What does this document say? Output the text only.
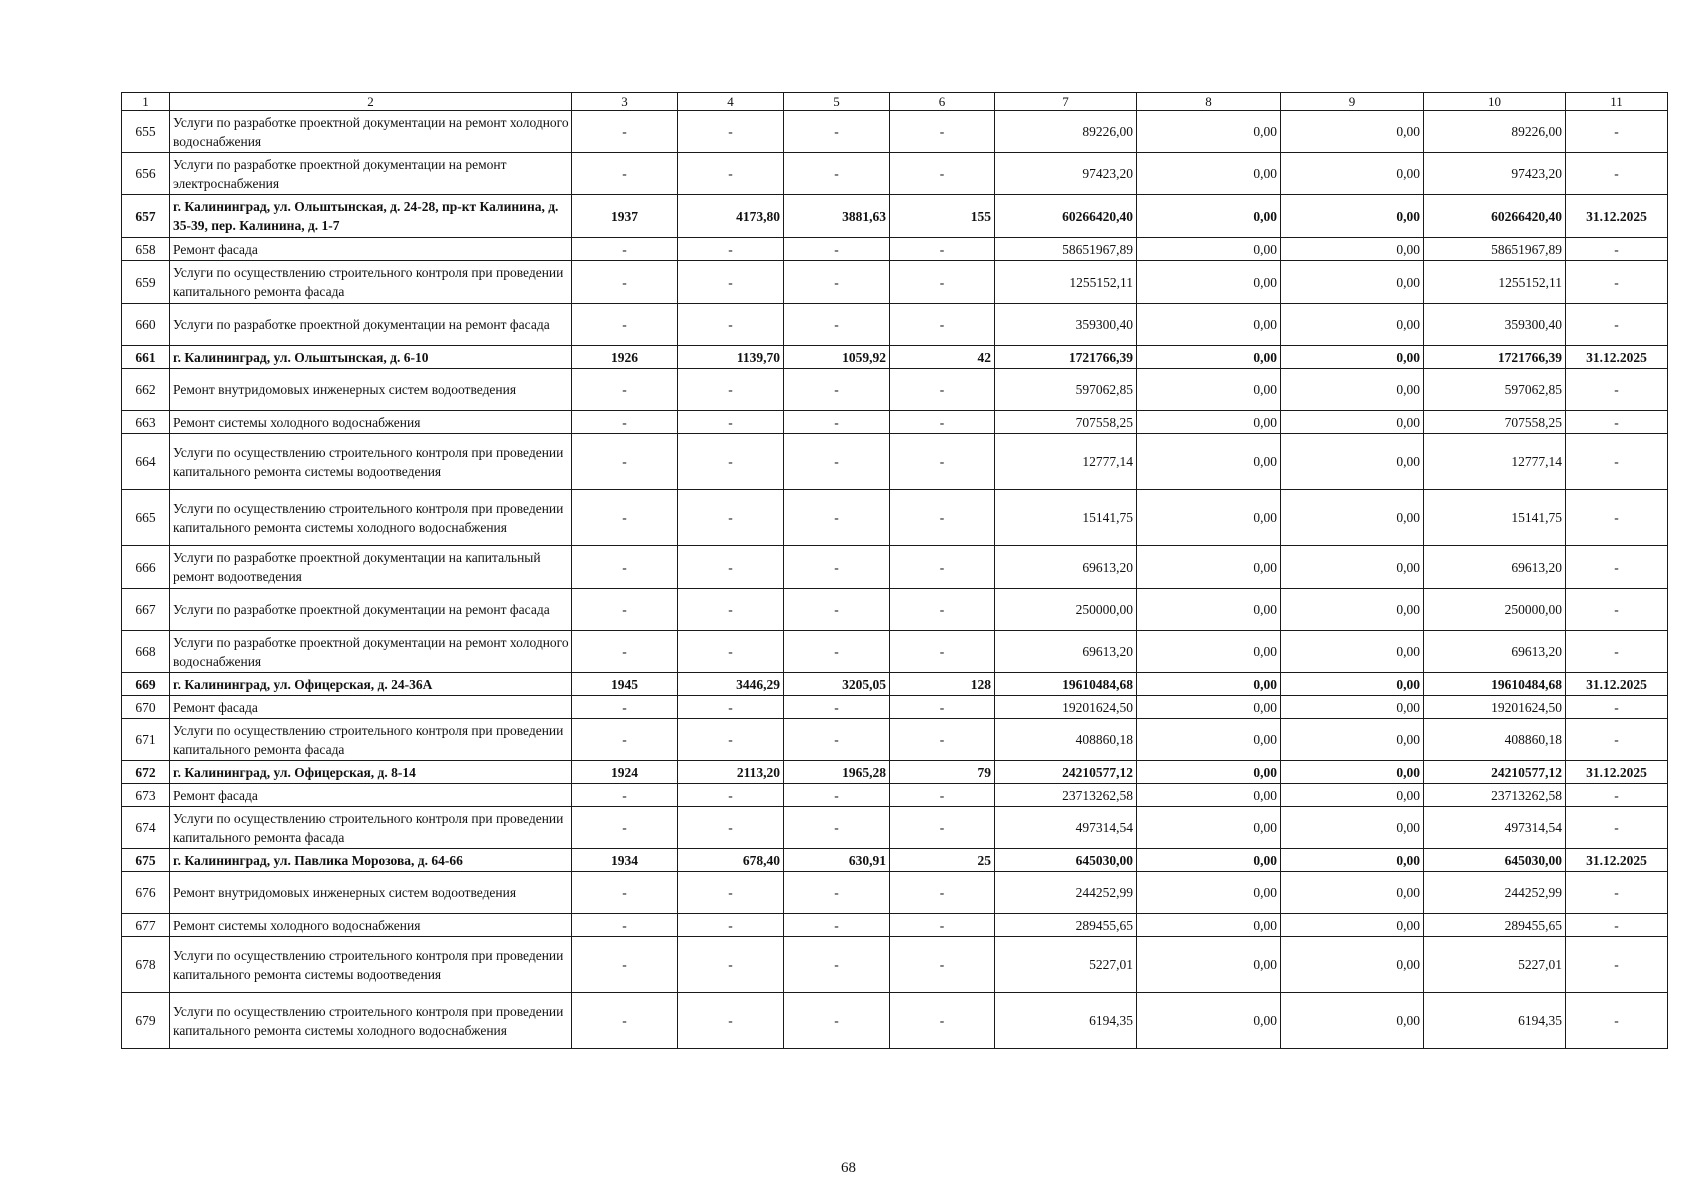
1	2	3	4	5	6	7	8	9	10	11
655	Услуги по разработке проектной документации на ремонт холодного водоснабжения	-	-	-	-	89226,00	0,00	0,00	89226,00	-
656	Услуги по разработке проектной документации на ремонт электроснабжения	-	-	-	-	97423,20	0,00	0,00	97423,20	-
657	г. Калининград, ул. Ольштынская, д. 24-28, пр-кт Калинина, д. 35-39, пер. Калинина, д. 1-7	1937	4173,80	3881,63	155	60266420,40	0,00	0,00	60266420,40	31.12.2025
658	Ремонт фасада	-	-	-	-	58651967,89	0,00	0,00	58651967,89	-
659	Услуги по осуществлению строительного контроля при проведении капитального ремонта фасада	-	-	-	-	1255152,11	0,00	0,00	1255152,11	-
660	Услуги по разработке проектной документации на ремонт фасада	-	-	-	-	359300,40	0,00	0,00	359300,40	-
661	г. Калининград, ул. Ольштынская, д. 6-10	1926	1139,70	1059,92	42	1721766,39	0,00	0,00	1721766,39	31.12.2025
662	Ремонт внутридомовых инженерных систем водоотведения	-	-	-	-	597062,85	0,00	0,00	597062,85	-
663	Ремонт системы холодного водоснабжения	-	-	-	-	707558,25	0,00	0,00	707558,25	-
664	Услуги по осуществлению строительного контроля при проведении капитального ремонта системы водоотведения	-	-	-	-	12777,14	0,00	0,00	12777,14	-
665	Услуги по осуществлению строительного контроля при проведении капитального ремонта системы холодного водоснабжения	-	-	-	-	15141,75	0,00	0,00	15141,75	-
666	Услуги по разработке проектной документации на капитальный ремонт водоотведения	-	-	-	-	69613,20	0,00	0,00	69613,20	-
667	Услуги по разработке проектной документации на ремонт фасада	-	-	-	-	250000,00	0,00	0,00	250000,00	-
668	Услуги по разработке проектной документации на ремонт холодного водоснабжения	-	-	-	-	69613,20	0,00	0,00	69613,20	-
669	г. Калининград, ул. Офицерская, д. 24-36А	1945	3446,29	3205,05	128	19610484,68	0,00	0,00	19610484,68	31.12.2025
670	Ремонт фасада	-	-	-	-	19201624,50	0,00	0,00	19201624,50	-
671	Услуги по осуществлению строительного контроля при проведении капитального ремонта фасада	-	-	-	-	408860,18	0,00	0,00	408860,18	-
672	г. Калининград, ул. Офицерская, д. 8-14	1924	2113,20	1965,28	79	24210577,12	0,00	0,00	24210577,12	31.12.2025
673	Ремонт фасада	-	-	-	-	23713262,58	0,00	0,00	23713262,58	-
674	Услуги по осуществлению строительного контроля при проведении капитального ремонта фасада	-	-	-	-	497314,54	0,00	0,00	497314,54	-
675	г. Калининград, ул. Павлика Морозова, д. 64-66	1934	678,40	630,91	25	645030,00	0,00	0,00	645030,00	31.12.2025
676	Ремонт внутридомовых инженерных систем водоотведения	-	-	-	-	244252,99	0,00	0,00	244252,99	-
677	Ремонт системы холодного водоснабжения	-	-	-	-	289455,65	0,00	0,00	289455,65	-
678	Услуги по осуществлению строительного контроля при проведении капитального ремонта системы водоотведения	-	-	-	-	5227,01	0,00	0,00	5227,01	-
679	Услуги по осуществлению строительного контроля при проведении капитального ремонта системы холодного водоснабжения	-	-	-	-	6194,35	0,00	0,00	6194,35	-
68
